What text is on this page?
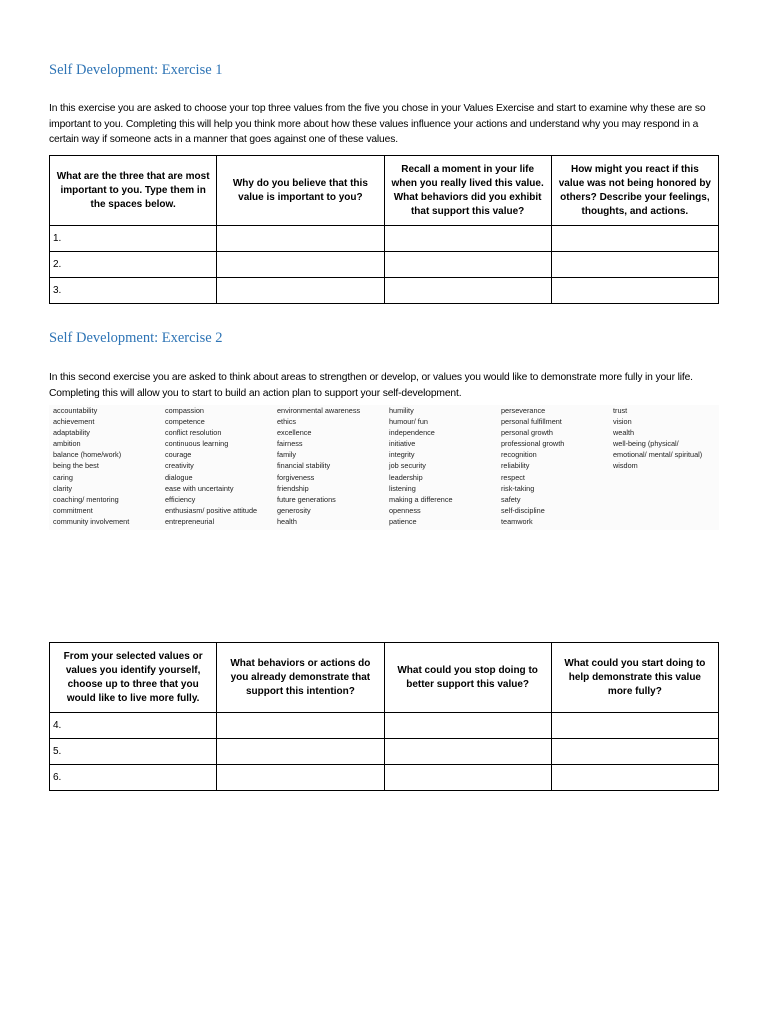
Self Development: Exercise 1

In this exercise you are asked to choose your top three values from the five you chose in your Values Exercise and start to examine why these are so important to you. Completing this will help you think more about how these values influence your actions and understand why you may respond in a certain way if someone acts in a manner that goes against one of these values.

What are the three that are most important to you. Type them in the spaces below.	Why do you believe that this value is important to you?	Recall a moment in your life when you really lived this value. What behaviors did you exhibit that support this value?	How might you react if this value was not being honored by others? Describe your feelings, thoughts, and actions.
1.			
2.			
3.			
Self Development: Exercise 2

In this second exercise you are asked to think about areas to strengthen or develop, or values you would like to demonstrate more fully in your life. Completing this will allow you to start to build an action plan to support your self-development.

accountability
achievement
adaptability
ambition
balance (home/work)
being the best
caring
clarity
coaching/ mentoring
commitment
community involvement
compassion
competence
conflict resolution
continuous learning
courage
creativity
dialogue
ease with uncertainty
efficiency
enthusiasm/ positive attitude
entrepreneurial
environmental awareness
ethics
excellence
fairness
family
financial stability
forgiveness
friendship
future generations
generosity
health
humility
humour/ fun
independence
initiative
integrity
job security
leadership
listening
making a difference
openness
patience
perseverance
personal fulfillment
personal growth
professional growth
recognition
reliability
respect
risk-taking
safety
self-discipline
teamwork
trust
vision
wealth
well-being (physical/
emotional/ mental/ spiritual)
wisdom
From your selected values or values you identify yourself, choose up to three that you would like to live more fully.	What behaviors or actions do you already demonstrate that support this intention?	What could you stop doing to better support this value?	What could you start doing to help demonstrate this value more fully?
4.			
5.			
6.			
